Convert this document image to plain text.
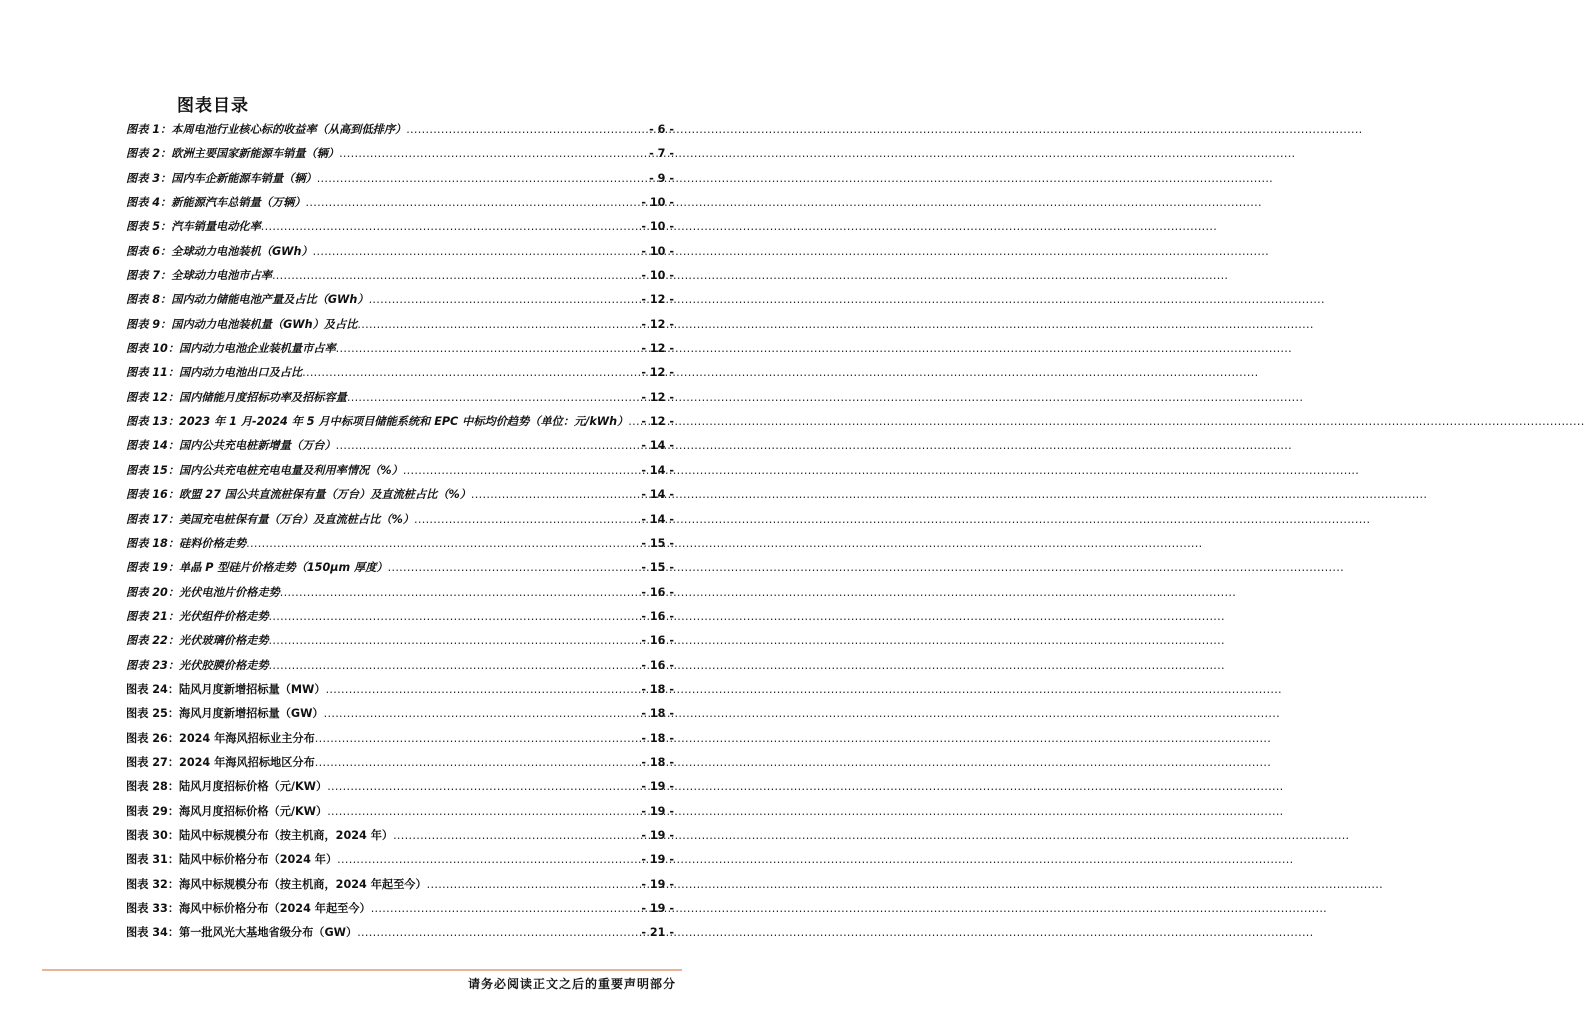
图表目录
图表 1： 本周电池行业核心标的收益率（从高到低排序） .....	- 6 -
图表 2： 欧洲主要国家新能源车销量（辆） .....	- 7 -
图表 3： 国内车企新能源车销量（辆） .....	- 9 -
图表 4： 新能源汽车总销量（万辆） .....	- 10 -
图表 5： 汽车销量电动化率 .....	- 10 -
图表 6： 全球动力电池装机（GWh） .....	- 10 -
图表 7： 全球动力电池市占率 .....	- 10 -
图表 8： 国内动力储能电池产量及占比（GWh） .....	- 12 -
图表 9： 国内动力电池装机量（GWh）及占比 .....	- 12 -
图表 10： 国内动力电池企业装机量市占率 .....	- 12 -
图表 11： 国内动力电池出口及占比 .....	- 12 -
图表 12： 国内储能月度招标功率及招标容量 .....	- 12 -
图表 13： 2023 年 1 月-2024 年 5 月中标项目储能系统和 EPC 中标均价趋势（单位：元/kWh） ..... - 12 -
图表 14： 国内公共充电桩新增量（万台） .....	- 14 -
图表 15： 国内公共充电桩充电电量及利用率情况（%） .....	- 14 -
图表 16： 欧盟 27 国公共直流桩保有量（万台）及直流桩占比（%） .....	- 14 -
图表 17： 美国充电桩保有量（万台）及直流桩占比（%） .....	- 14 -
图表 18： 硅料价格走势 .....	- 15 -
图表 19： 单晶 P 型硅片价格走势（150μm 厚度） .....	- 15 -
图表 20： 光伏电池片价格走势 .....	- 16 -
图表 21： 光伏组件价格走势 .....	- 16 -
图表 22： 光伏玻璃价格走势 .....	- 16 -
图表 23： 光伏胶膜价格走势 .....	- 16 -
图表 24： 陆风月度新增招标量（MW） .....	- 18 -
图表 25： 海风月度新增招标量（GW） .....	- 18 -
图表 26： 2024 年海风招标业主分布 .....	- 18 -
图表 27： 2024 年海风招标地区分布 .....	- 18 -
图表 28： 陆风月度招标价格（元/KW） .....	- 19 -
图表 29： 海风月度招标价格（元/KW） .....	- 19 -
图表 30： 陆风中标规模分布（按主机商，2024 年） .....	- 19 -
图表 31： 陆风中标价格分布（2024 年） .....	- 19 -
图表 32： 海风中标规模分布（按主机商，2024 年起至今） .....	- 19 -
图表 33： 海风中标价格分布（2024 年起至今） .....	- 19 -
图表 34： 第一批风光大基地省级分布（GW） .....	- 21 -
请务必阅读正文之后的重要声明部分
